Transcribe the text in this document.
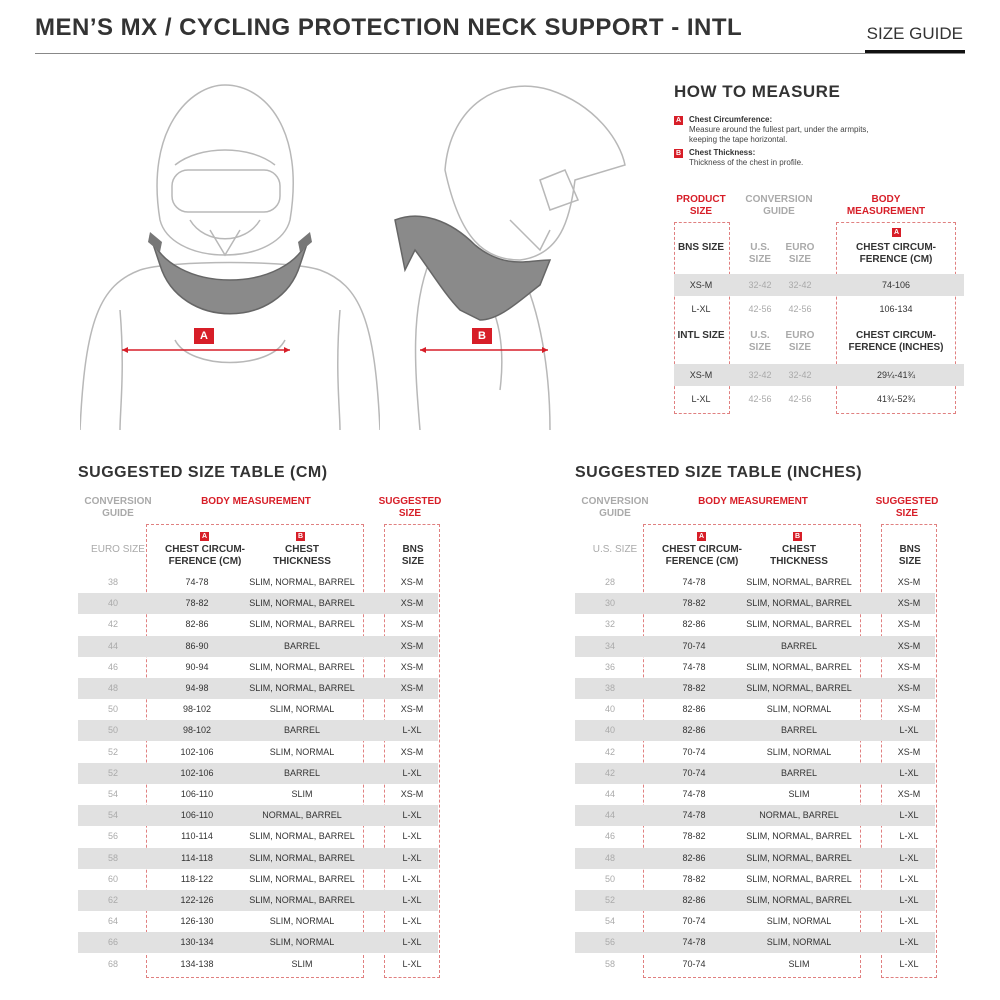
MEN’S MX / CYCLING PROTECTION NECK SUPPORT - INTL	SIZE GUIDE
A	B
HOW TO MEASURE
A Chest Circumference:
Measure around the fullest part, under the armpits, keeping the tape horizontal.
B Chest Thickness:
Thickness of the chest in profile.
PRODUCT SIZE
CONVERSION GUIDE
BODY MEASUREMENT
A
BNS SIZE	U.S. SIZE
EURO SIZE
CHEST CIRCUM-FERENCE (CM)
XS-M	32-42	32-42	74-106
L-XL	42-56	42-56	106-134
INTL SIZE	U.S. SIZE
EURO SIZE
CHEST CIRCUM-FERENCE (INCHES)
XS-M	32-42	32-42	29¼-41¾
L-XL	42-56	42-56	41¾-52¾
SUGGESTED SIZE TABLE (CM)
CONVERSION GUIDE
BODY MEASUREMENT	SUGGESTED SIZE
A	B
EURO SIZE	CHEST CIRCUM-FERENCE (CM)
CHEST THICKNESS
BNS SIZE
38	74-78	SLIM, NORMAL, BARREL	XS-M
40	78-82	SLIM, NORMAL, BARREL	XS-M
42	82-86	SLIM, NORMAL, BARREL	XS-M
44	86-90	BARREL	XS-M
46	90-94	SLIM, NORMAL, BARREL	XS-M
48	94-98	SLIM, NORMAL, BARREL	XS-M
50	98-102	SLIM, NORMAL	XS-M
50	98-102	BARREL	L-XL
52	102-106	SLIM, NORMAL	XS-M
52	102-106	BARREL	L-XL
54	106-110	SLIM	XS-M
54	106-110	NORMAL, BARREL	L-XL
56	110-114	SLIM, NORMAL, BARREL	L-XL
58	114-118	SLIM, NORMAL, BARREL	L-XL
60	118-122	SLIM, NORMAL, BARREL	L-XL
62	122-126	SLIM, NORMAL, BARREL	L-XL
64	126-130	SLIM, NORMAL	L-XL
66	130-134	SLIM, NORMAL	L-XL
68	134-138	SLIM	L-XL
SUGGESTED SIZE TABLE (INCHES)
CONVERSION GUIDE
BODY MEASUREMENT	SUGGESTED SIZE
A	B
U.S. SIZE	CHEST CIRCUM-FERENCE (CM)
CHEST THICKNESS
BNS SIZE
28	74-78	SLIM, NORMAL, BARREL	XS-M
30	78-82	SLIM, NORMAL, BARREL	XS-M
32	82-86	SLIM, NORMAL, BARREL	XS-M
34	70-74	BARREL	XS-M
36	74-78	SLIM, NORMAL, BARREL	XS-M
38	78-82	SLIM, NORMAL, BARREL	XS-M
40	82-86	SLIM, NORMAL	XS-M
40	82-86	BARREL	L-XL
42	70-74	SLIM, NORMAL	XS-M
42	70-74	BARREL	L-XL
44	74-78	SLIM	XS-M
44	74-78	NORMAL, BARREL	L-XL
46	78-82	SLIM, NORMAL, BARREL	L-XL
48	82-86	SLIM, NORMAL, BARREL	L-XL
50	78-82	SLIM, NORMAL, BARREL	L-XL
52	82-86	SLIM, NORMAL, BARREL	L-XL
54	70-74	SLIM, NORMAL	L-XL
56	74-78	SLIM, NORMAL	L-XL
58	70-74	SLIM	L-XL
